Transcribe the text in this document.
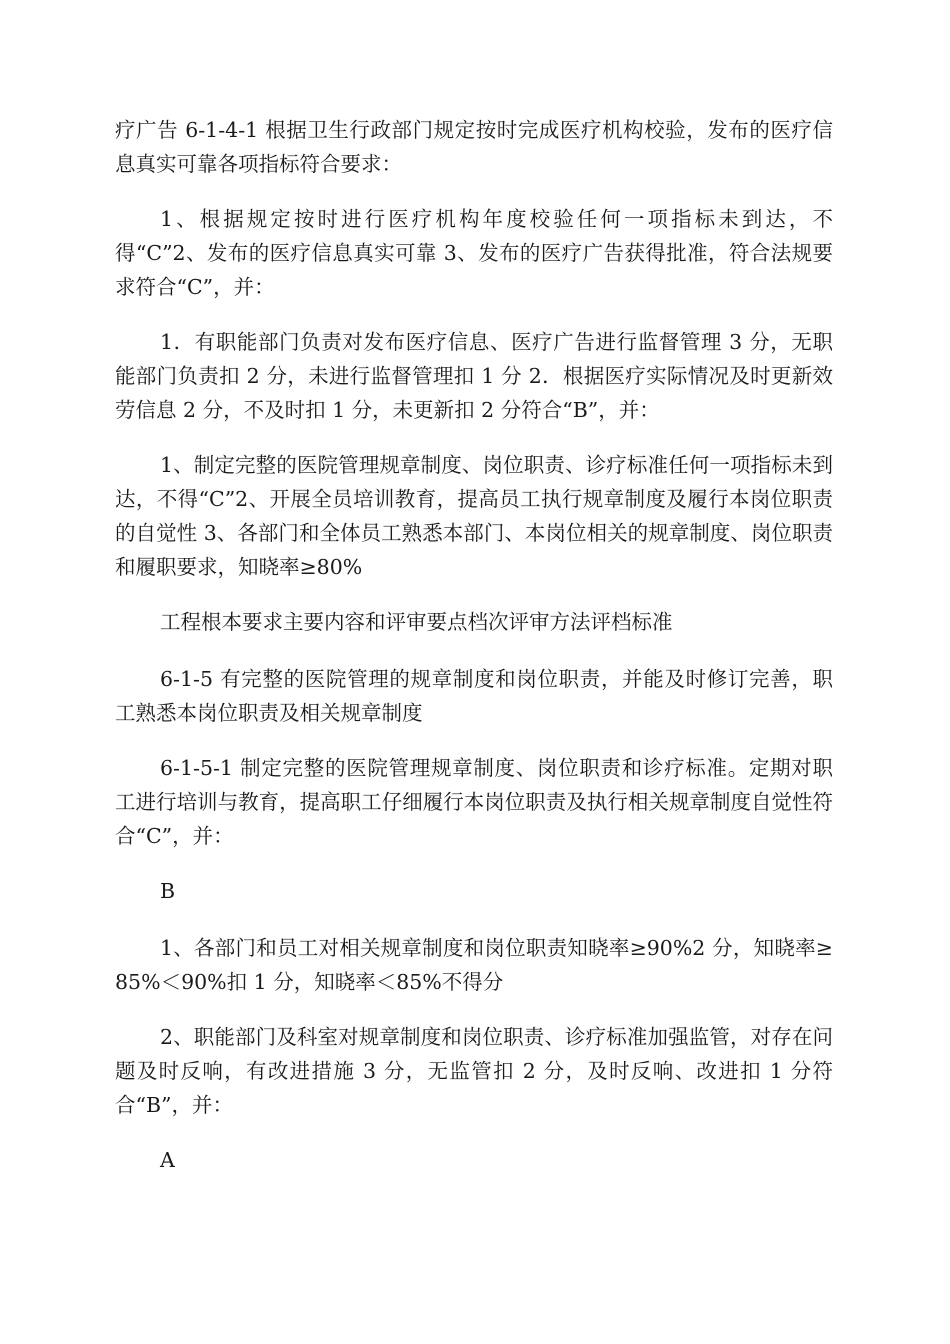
疗广告 6-1-4-1 根据卫生行政部门规定按时完成医疗机构校验，发布的医疗信息真实可靠各项指标符合要求：

1、根据规定按时进行医疗机构年度校验任何一项指标未到达，不得“C”2、发布的医疗信息真实可靠 3、发布的医疗广告获得批准，符合法规要求符合“C”，并：

1．有职能部门负责对发布医疗信息、医疗广告进行监督管理 3 分，无职能部门负责扣 2 分，未进行监督管理扣 1 分 2．根据医疗实际情况及时更新效劳信息 2 分，不及时扣 1 分，未更新扣 2 分符合“B”，并：

1、制定完整的医院管理规章制度、岗位职责、诊疗标准任何一项指标未到达，不得“C”2、开展全员培训教育，提高员工执行规章制度及履行本岗位职责的自觉性 3、各部门和全体员工熟悉本部门、本岗位相关的规章制度、岗位职责和履职要求，知晓率≥80%

工程根本要求主要内容和评审要点档次评审方法评档标准

6-1-5 有完整的医院管理的规章制度和岗位职责，并能及时修订完善，职工熟悉本岗位职责及相关规章制度

6-1-5-1 制定完整的医院管理规章制度、岗位职责和诊疗标准。定期对职工进行培训与教育，提高职工仔细履行本岗位职责及执行相关规章制度自觉性符合“C”，并：

B

1、各部门和员工对相关规章制度和岗位职责知晓率≥90%2 分，知晓率≥85%＜90%扣 1 分，知晓率＜85%不得分

2、职能部门及科室对规章制度和岗位职责、诊疗标准加强监管，对存在问题及时反响，有改进措施 3 分，无监管扣 2 分，及时反响、改进扣 1 分符合“B”，并：

A
